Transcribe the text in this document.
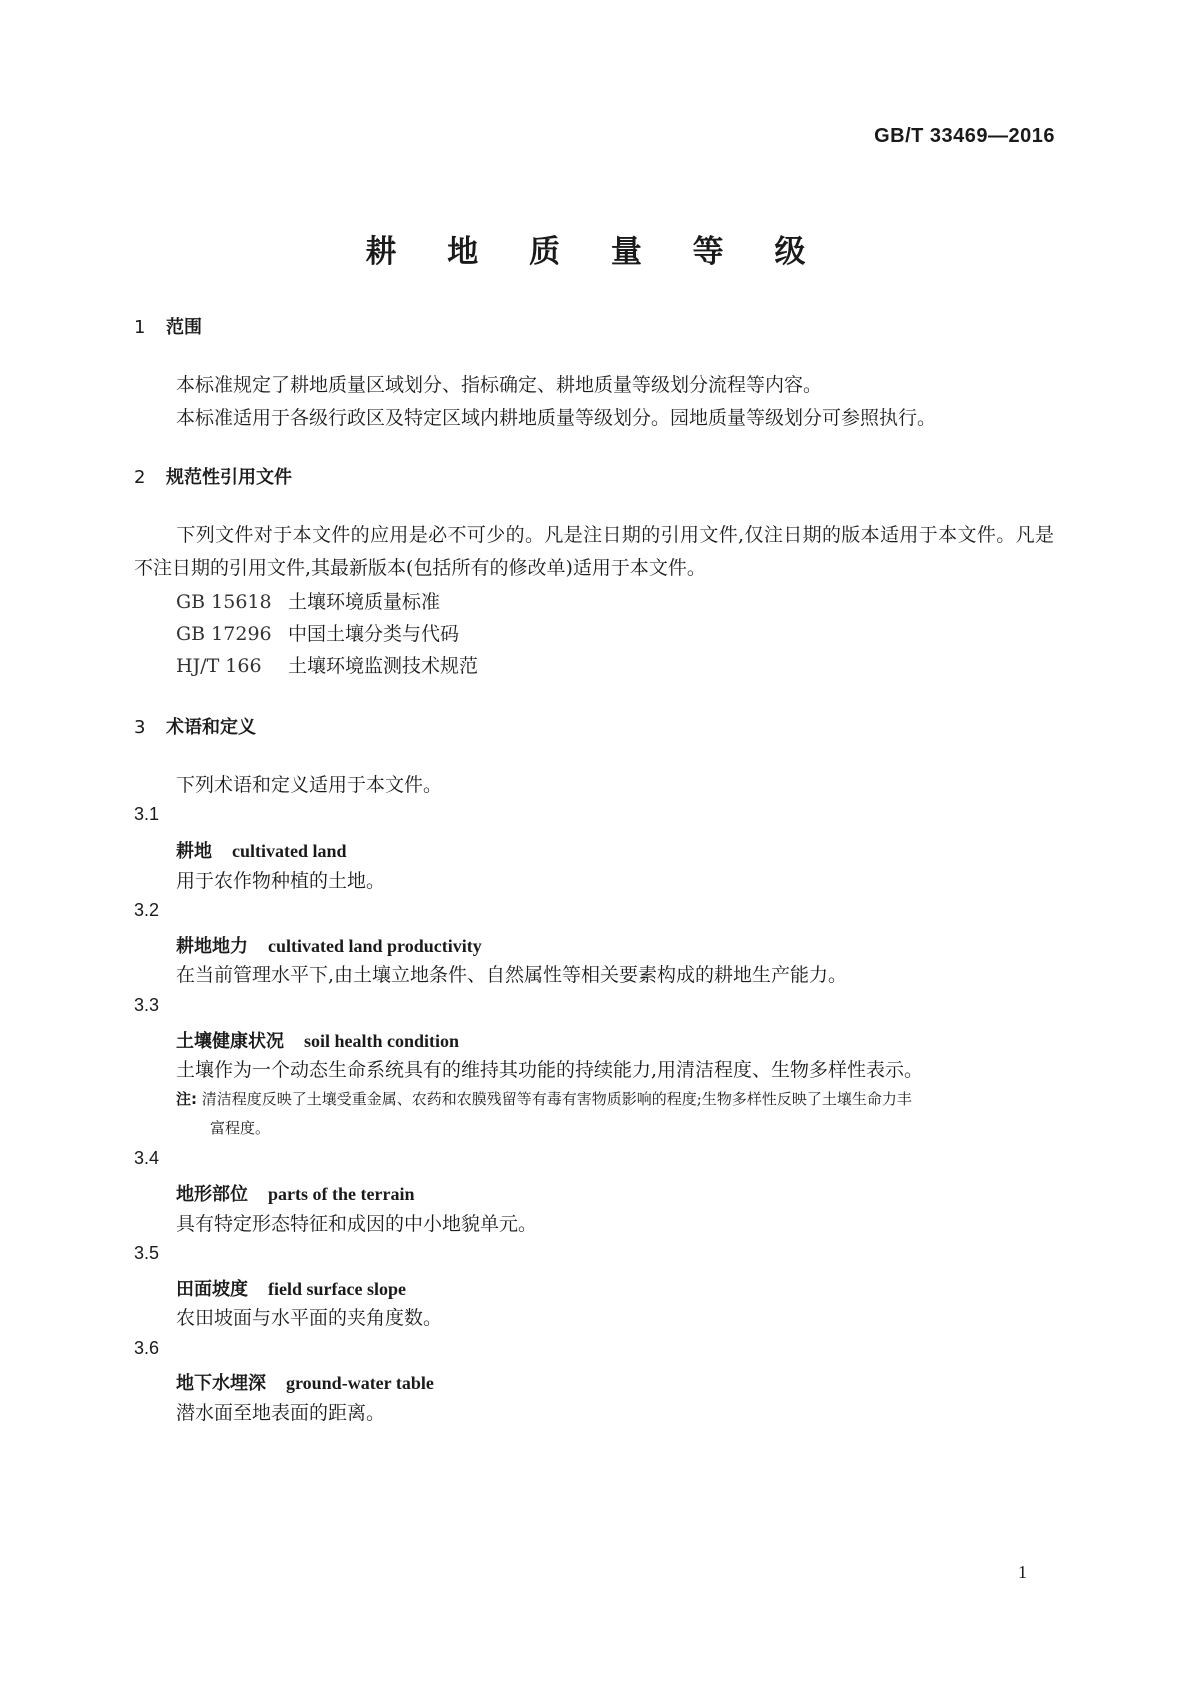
GB/T 33469—2016
耕 地 质 量 等 级
1 范围
本标准规定了耕地质量区域划分、指标确定、耕地质量等级划分流程等内容。
本标准适用于各级行政区及特定区域内耕地质量等级划分。园地质量等级划分可参照执行。
2 规范性引用文件
下列文件对于本文件的应用是必不可少的。凡是注日期的引用文件,仅注日期的版本适用于本文件。凡是不注日期的引用文件,其最新版本(包括所有的修改单)适用于本文件。
GB 15618 土壤环境质量标准
GB 17296 中国土壤分类与代码
HJ/T 166 土壤环境监测技术规范
3 术语和定义
下列术语和定义适用于本文件。
3.1
耕地 cultivated land
用于农作物种植的土地。
3.2
耕地地力 cultivated land productivity
在当前管理水平下,由土壤立地条件、自然属性等相关要素构成的耕地生产能力。
3.3
土壤健康状况 soil health condition
土壤作为一个动态生命系统具有的维持其功能的持续能力,用清洁程度、生物多样性表示。
注: 清洁程度反映了土壤受重金属、农药和农膜残留等有毒有害物质影响的程度;生物多样性反映了土壤生命力丰
富程度。
3.4
地形部位 parts of the terrain
具有特定形态特征和成因的中小地貌单元。
3.5
田面坡度 field surface slope
农田坡面与水平面的夹角度数。
3.6
地下水埋深 ground-water table
潜水面至地表面的距离。
1
